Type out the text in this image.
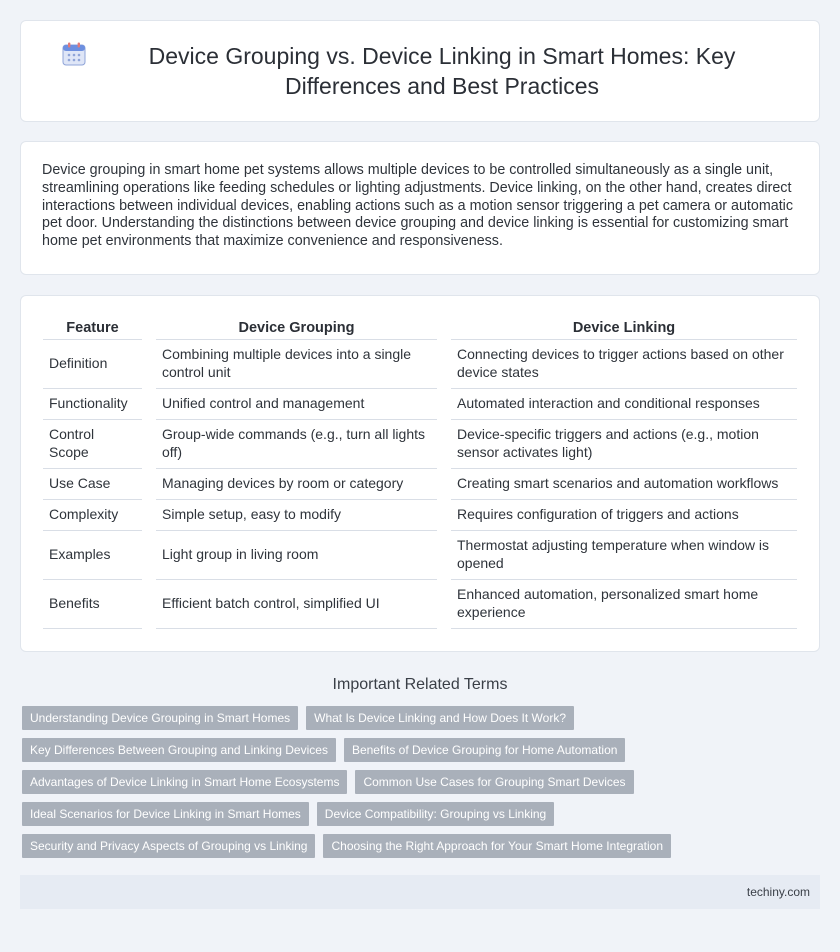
Device Grouping vs. Device Linking in Smart Homes: Key Differences and Best Practices

Device grouping in smart home pet systems allows multiple devices to be controlled simultaneously as a single unit, streamlining operations like feeding schedules or lighting adjustments. Device linking, on the other hand, creates direct interactions between individual devices, enabling actions such as a motion sensor triggering a pet camera or automatic pet door. Understanding the distinctions between device grouping and device linking is essential for customizing smart home pet environments that maximize convenience and responsiveness.

Feature		Device Grouping		Device Linking
Definition		Combining multiple devices into a single control unit		Connecting devices to trigger actions based on other device states
Functionality		Unified control and management		Automated interaction and conditional responses
Control Scope		Group-wide commands (e.g., turn all lights off)		Device-specific triggers and actions (e.g., motion sensor activates light)
Use Case		Managing devices by room or category		Creating smart scenarios and automation workflows
Complexity		Simple setup, easy to modify		Requires configuration of triggers and actions
Examples		Light group in living room		Thermostat adjusting temperature when window is opened
Benefits		Efficient batch control, simplified UI		Enhanced automation, personalized smart home experience
Important Related Terms
Understanding Device Grouping in Smart Homes	What Is Device Linking and How Does It Work?
Key Differences Between Grouping and Linking Devices	Benefits of Device Grouping for Home Automation
Advantages of Device Linking in Smart Home Ecosystems	Common Use Cases for Grouping Smart Devices
Ideal Scenarios for Device Linking in Smart Homes	Device Compatibility: Grouping vs Linking
Security and Privacy Aspects of Grouping vs Linking	Choosing the Right Approach for Your Smart Home Integration
techiny.com
